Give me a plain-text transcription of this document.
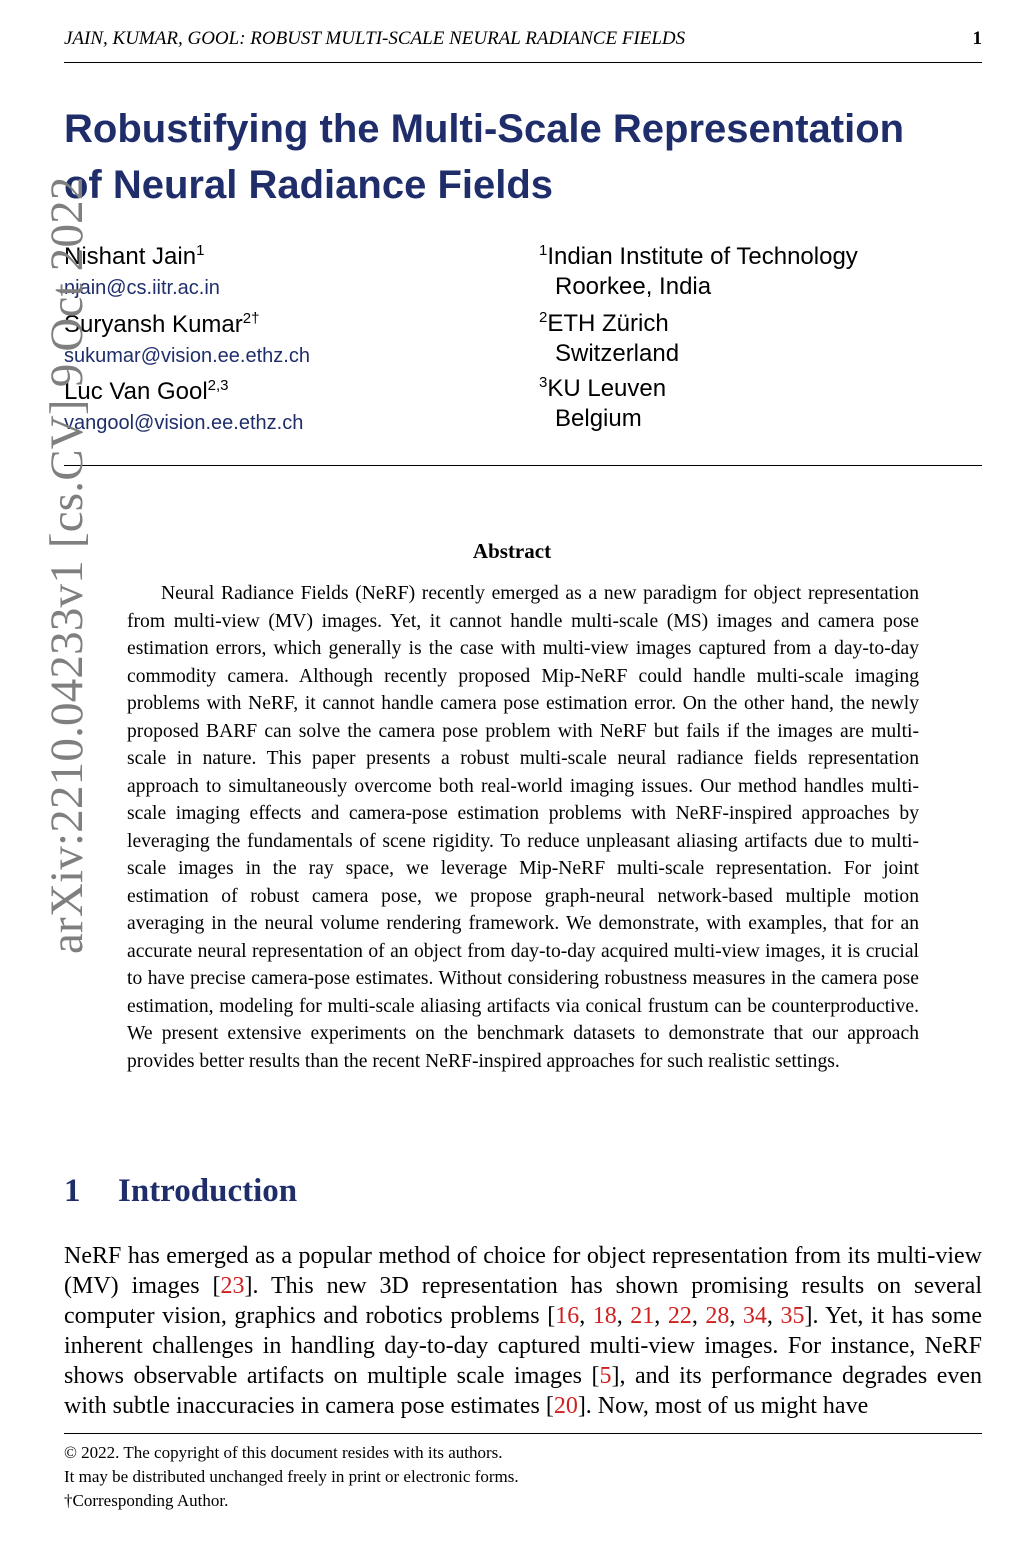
JAIN, KUMAR, GOOL: ROBUST MULTI-SCALE NEURAL RADIANCE FIELDS	1
Robustifying the Multi-Scale Representation
of Neural Radiance Fields
Nishant Jain$^1$
njain@cs.iitr.ac.in
Suryansh Kumar$^{2\dagger}$
sukumar@vision.ee.ethz.ch
Luc Van Gool$^{2,3}$
vangool@vision.ee.ethz.ch
$^1$Indian Institute of Technology
Roorkee, India
$^2$ETH Zürich
Switzerland
$^3$KU Leuven
Belgium
arXiv:2210.04233v1 [cs.CV] 9 Oct 2022	Abstract

Neural Radiance Fields (NeRF) recently emerged as a new paradigm for object representation from multi-view (MV) images. Yet, it cannot handle multi-scale (MS) images and camera pose estimation errors, which generally is the case with multi-view images captured from a day-to-day commodity camera. Although recently proposed Mip-NeRF could handle multi-scale imaging problems with NeRF, it cannot handle camera pose estimation error. On the other hand, the newly proposed BARF can solve the camera pose problem with NeRF but fails if the images are multi-scale in nature. This paper presents a robust multi-scale neural radiance fields representation approach to simultaneously overcome both real-world imaging issues. Our method handles multi-scale imaging effects and camera-pose estimation problems with NeRF-inspired approaches by leveraging the fundamentals of scene rigidity. To reduce unpleasant aliasing artifacts due to multi-scale images in the ray space, we leverage Mip-NeRF multi-scale representation. For joint estimation of robust camera pose, we propose graph-neural network-based multiple motion averaging in the neural volume rendering framework. We demonstrate, with examples, that for an accurate neural representation of an object from day-to-day acquired multi-view images, it is crucial to have precise camera-pose estimates. Without considering robustness measures in the camera pose estimation, modeling for multi-scale aliasing artifacts via conical frustum can be counterproductive. We present extensive experiments on the benchmark datasets to demonstrate that our approach provides better results than the recent NeRF-inspired approaches for such realistic settings.

1 Introduction

NeRF has emerged as a popular method of choice for object representation from its multi-view (MV) images [23]. This new 3D representation has shown promising results on several computer vision, graphics and robotics problems [16, 18, 21, 22, 28, 34, 35]. Yet, it has some inherent challenges in handling day-to-day captured multi-view images. For instance, NeRF shows observable artifacts on multiple scale images [5], and its performance degrades even with subtle inaccuracies in camera pose estimates [20]. Now, most of us might have

© 2022. The copyright of this document resides with its authors.
It may be distributed unchanged freely in print or electronic forms.
†Corresponding Author.
